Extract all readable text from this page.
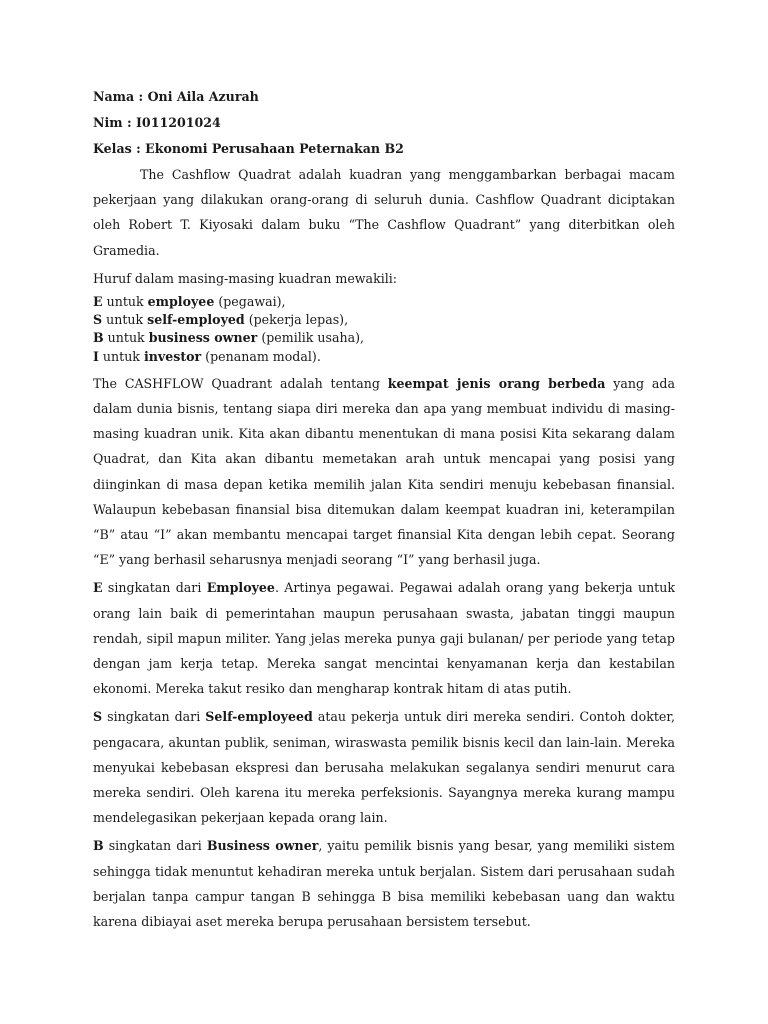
Nama : Oni Aila Azurah
Nim : I011201024
Kelas : Ekonomi Perusahaan Peternakan B2

The Cashflow Quadrat adalah kuadran yang menggambarkan berbagai macam pekerjaan yang dilakukan orang-orang di seluruh dunia. Cashflow Quadrant diciptakan oleh Robert T. Kiyosaki dalam buku “The Cashflow Quadrant” yang diterbitkan oleh Gramedia.

Huruf dalam masing-masing kuadran mewakili:

E untuk employee (pegawai),
S untuk self-employed (pekerja lepas),
B untuk business owner (pemilik usaha),
I untuk investor (penanam modal).

The CASHFLOW Quadrant adalah tentang keempat jenis orang berbeda yang ada dalam dunia bisnis, tentang siapa diri mereka dan apa yang membuat individu di masing-masing kuadran unik. Kita akan dibantu menentukan di mana posisi Kita sekarang dalam Quadrat, dan Kita akan dibantu memetakan arah untuk mencapai yang posisi yang diinginkan di masa depan ketika memilih jalan Kita sendiri menuju kebebasan finansial. Walaupun kebebasan finansial bisa ditemukan dalam keempat kuadran ini, keterampilan “B” atau “I” akan membantu mencapai target finansial Kita dengan lebih cepat. Seorang “E” yang berhasil seharusnya menjadi seorang “I” yang berhasil juga.

E singkatan dari Employee. Artinya pegawai. Pegawai adalah orang yang bekerja untuk orang lain baik di pemerintahan maupun perusahaan swasta, jabatan tinggi maupun rendah, sipil mapun militer. Yang jelas mereka punya gaji bulanan/ per periode yang tetap dengan jam kerja tetap. Mereka sangat mencintai kenyamanan kerja dan kestabilan ekonomi. Mereka takut resiko dan mengharap kontrak hitam di atas putih.

S singkatan dari Self-employeed atau pekerja untuk diri mereka sendiri. Contoh dokter, pengacara, akuntan publik, seniman, wiraswasta pemilik bisnis kecil dan lain-lain. Mereka menyukai kebebasan ekspresi dan berusaha melakukan segalanya sendiri menurut cara mereka sendiri. Oleh karena itu mereka perfeksionis. Sayangnya mereka kurang mampu mendelegasikan pekerjaan kepada orang lain.

B singkatan dari Business owner, yaitu pemilik bisnis yang besar, yang memiliki sistem sehingga tidak menuntut kehadiran mereka untuk berjalan. Sistem dari perusahaan sudah berjalan tanpa campur tangan B sehingga B bisa memiliki kebebasan uang dan waktu karena dibiayai aset mereka berupa perusahaan bersistem tersebut.
